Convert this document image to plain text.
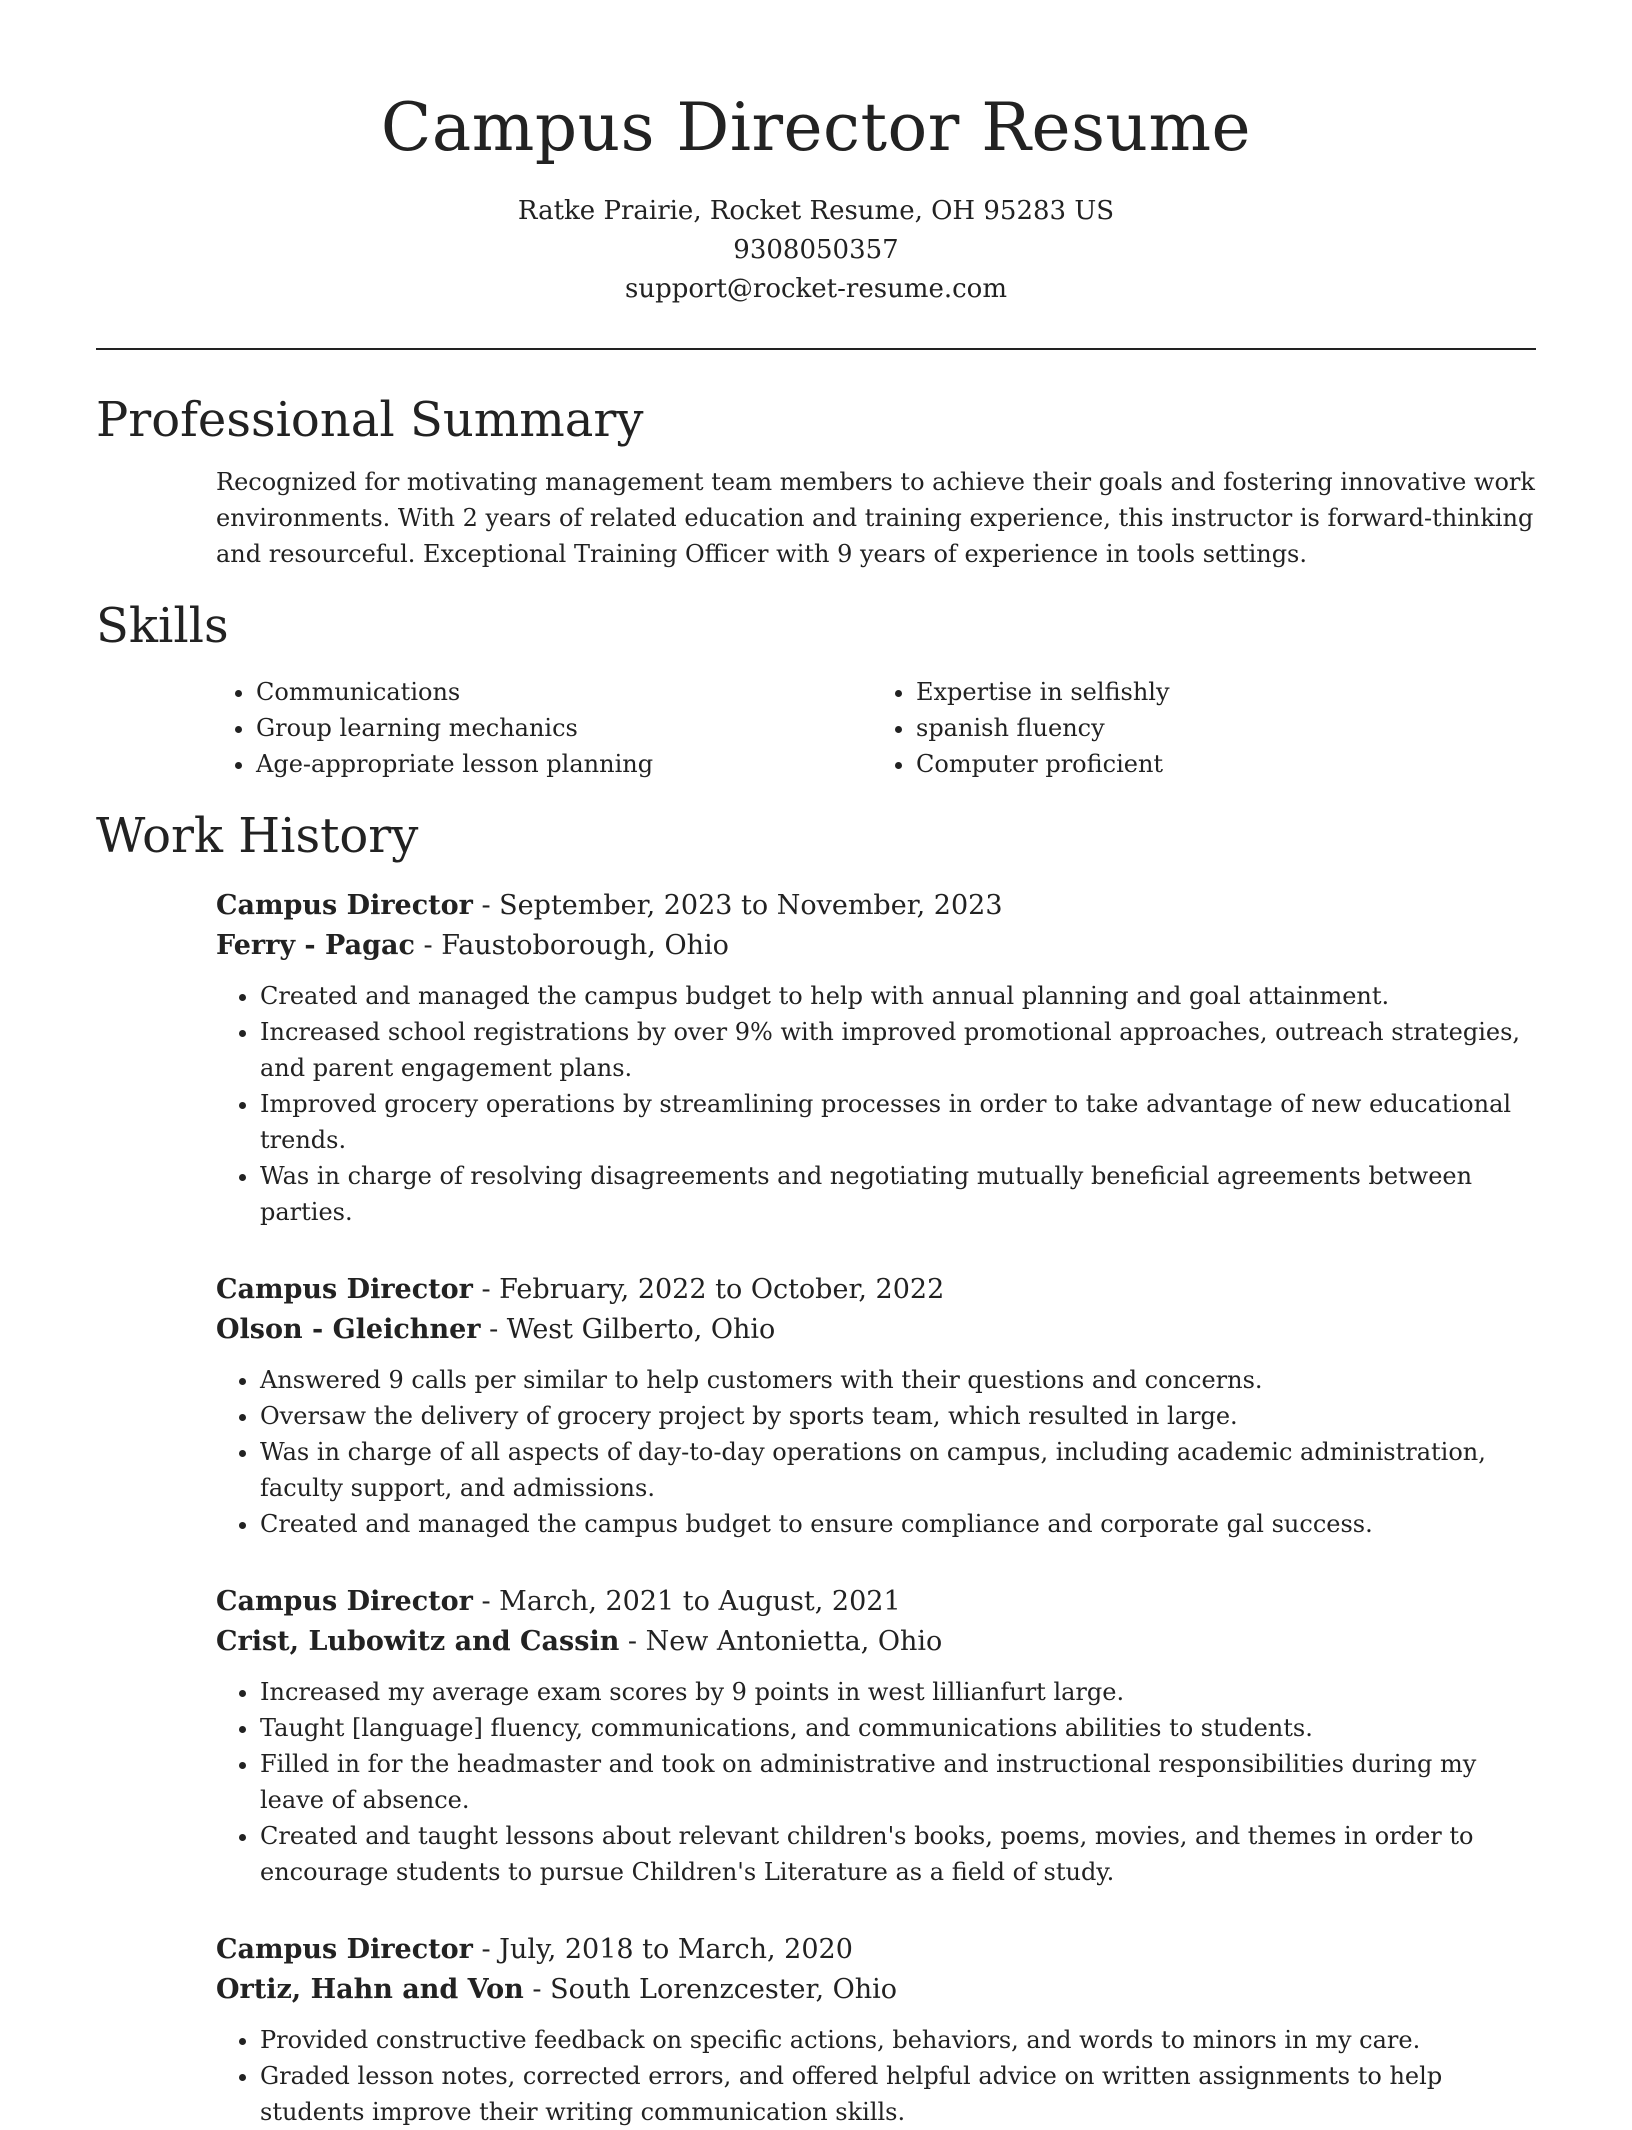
Campus Director Resume
Ratke Prairie, Rocket Resume, OH 95283 US
9308050357
support@rocket-resume.com
Professional Summary

Recognized for motivating management team members to achieve their goals and fostering innovative work environments. With 2 years of related education and training experience, this instructor is forward-thinking and resourceful. Exceptional Training Officer with 9 years of experience in tools settings.

Skills
• Communications
• Group learning mechanics
• Age-appropriate lesson planning
• Expertise in selfishly
• spanish fluency
• Computer proficient
Work History
Campus Director - September, 2023 to November, 2023
Ferry - Pagac - Faustoborough, Ohio
• Created and managed the campus budget to help with annual planning and goal attainment.
• Increased school registrations by over 9% with improved promotional approaches, outreach strategies, and parent engagement plans.
• Improved grocery operations by streamlining processes in order to take advantage of new educational trends.
• Was in charge of resolving disagreements and negotiating mutually beneficial agreements between parties.
Campus Director - February, 2022 to October, 2022
Olson - Gleichner - West Gilberto, Ohio
• Answered 9 calls per similar to help customers with their questions and concerns.
• Oversaw the delivery of grocery project by sports team, which resulted in large.
• Was in charge of all aspects of day-to-day operations on campus, including academic administration, faculty support, and admissions.
• Created and managed the campus budget to ensure compliance and corporate gal success.
Campus Director - March, 2021 to August, 2021
Crist, Lubowitz and Cassin - New Antonietta, Ohio
• Increased my average exam scores by 9 points in west lillianfurt large.
• Taught [language] fluency, communications, and communications abilities to students.
• Filled in for the headmaster and took on administrative and instructional responsibilities during my leave of absence.
• Created and taught lessons about relevant children's books, poems, movies, and themes in order to encourage students to pursue Children's Literature as a field of study.
Campus Director - July, 2018 to March, 2020
Ortiz, Hahn and Von - South Lorenzcester, Ohio
• Provided constructive feedback on specific actions, behaviors, and words to minors in my care.
• Graded lesson notes, corrected errors, and offered helpful advice on written assignments to help students improve their writing communication skills.
